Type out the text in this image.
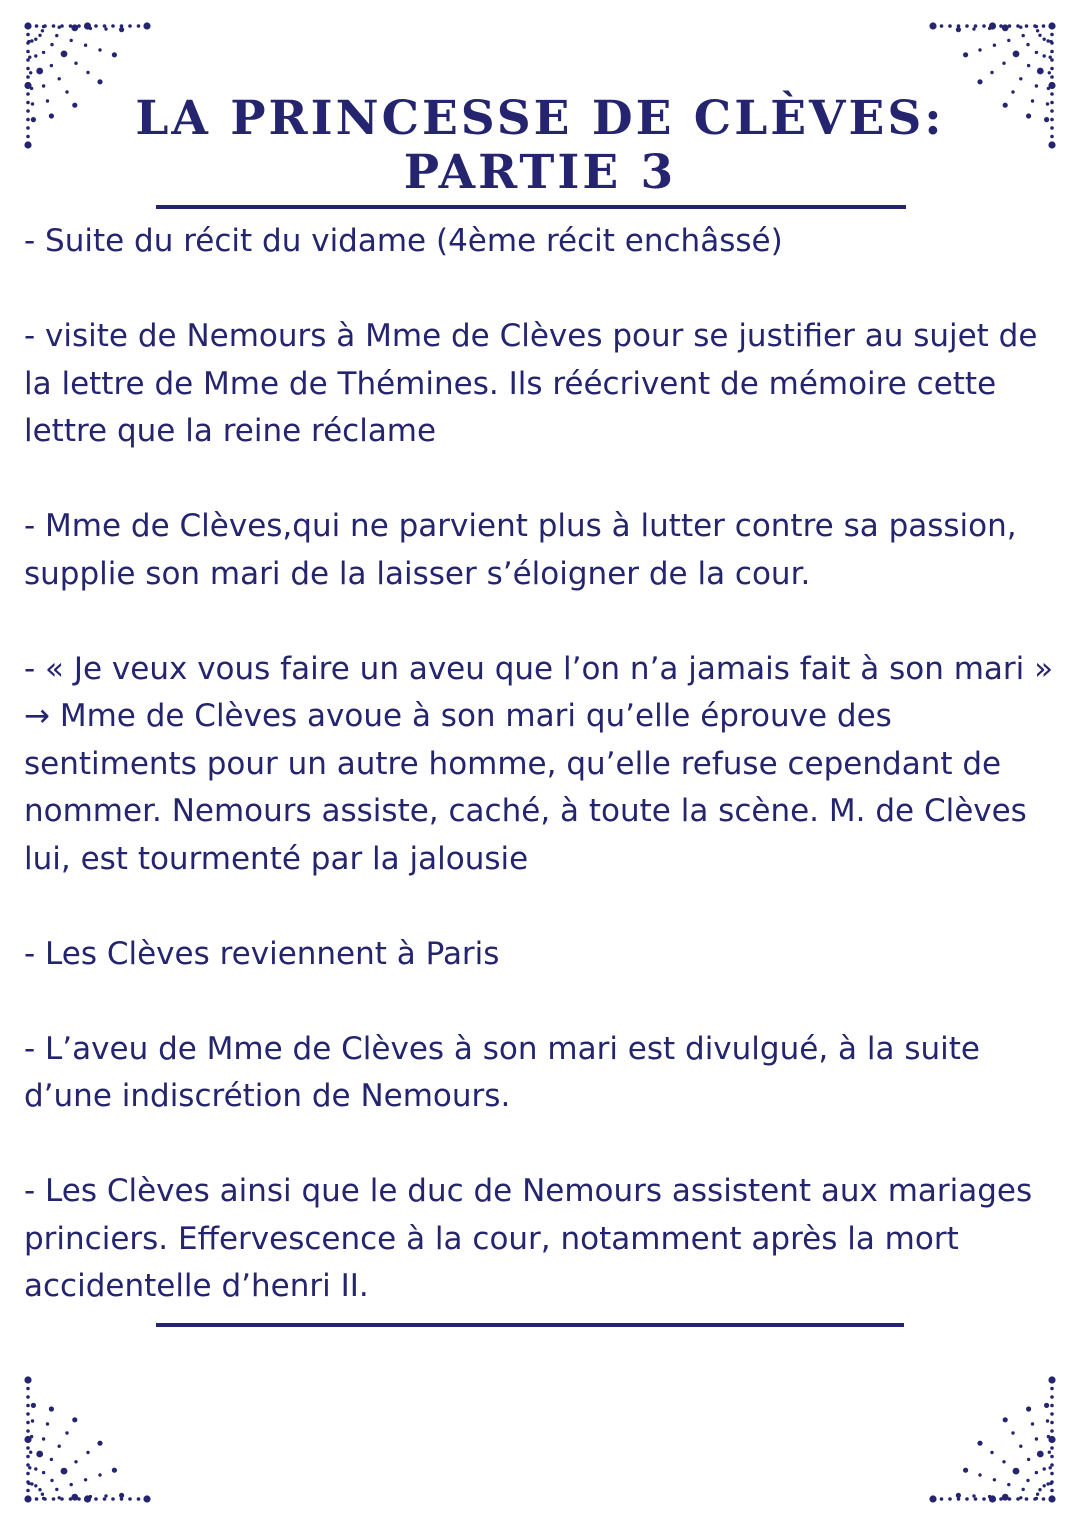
LA PRINCESSE DE CLÈVES:
PARTIE 3

- Suite du récit du vidame (4ème récit enchâssé)

- visite de Nemours à Mme de Clèves pour se justifier au sujet de la lettre de Mme de Thémines. Ils réécrivent de mémoire cette lettre que la reine réclame

- Mme de Clèves,qui ne parvient plus à lutter contre sa passion, supplie son mari de la laisser s’éloigner de la cour.

- « Je veux vous faire un aveu que l’on n’a jamais fait à son mari » → Mme de Clèves avoue à son mari qu’elle éprouve des sentiments pour un autre homme, qu’elle refuse cependant de nommer. Nemours assiste, caché, à toute la scène. M. de Clèves lui, est tourmenté par la jalousie

- Les Clèves reviennent à Paris

- L’aveu de Mme de Clèves à son mari est divulgué, à la suite d’une indiscrétion de Nemours.

- Les Clèves ainsi que le duc de Nemours assistent aux mariages princiers. Effervescence à la cour, notamment après la mort accidentelle d’henri II.
